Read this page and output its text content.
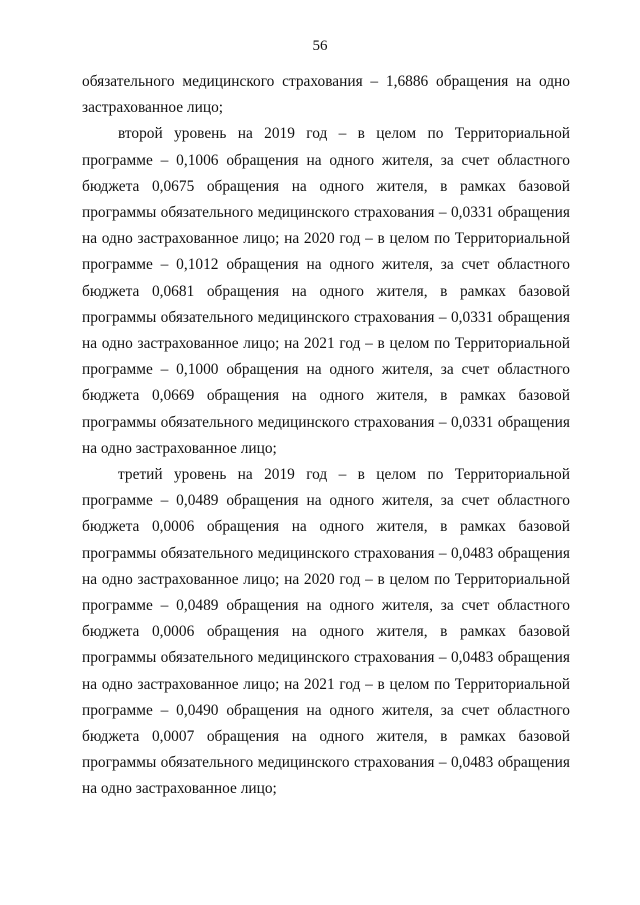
56

обязательного медицинского страхования – 1,6886 обращения на одно застрахованное лицо;

второй уровень на 2019 год – в целом по Территориальной программе – 0,1006 обращения на одного жителя, за счет областного бюджета 0,0675 обращения на одного жителя, в рамках базовой программы обязательного медицинского страхования – 0,0331 обращения на одно застрахованное лицо; на 2020 год – в целом по Территориальной программе – 0,1012 обращения на одного жителя, за счет областного бюджета 0,0681 обращения на одного жителя, в рамках базовой программы обязательного медицинского страхования – 0,0331 обращения на одно застрахованное лицо; на 2021 год – в целом по Территориальной программе – 0,1000 обращения на одного жителя, за счет областного бюджета 0,0669 обращения на одного жителя, в рамках базовой программы обязательного медицинского страхования – 0,0331 обращения на одно застрахованное лицо;

третий уровень на 2019 год – в целом по Территориальной программе – 0,0489 обращения на одного жителя, за счет областного бюджета 0,0006 обращения на одного жителя, в рамках базовой программы обязательного медицинского страхования – 0,0483 обращения на одно застрахованное лицо; на 2020 год – в целом по Территориальной программе – 0,0489 обращения на одного жителя, за счет областного бюджета 0,0006 обращения на одного жителя, в рамках базовой программы обязательного медицинского страхования – 0,0483 обращения на одно застрахованное лицо; на 2021 год – в целом по Территориальной программе – 0,0490 обращения на одного жителя, за счет областного бюджета 0,0007 обращения на одного жителя, в рамках базовой программы обязательного медицинского страхования – 0,0483 обращения на одно застрахованное лицо;
